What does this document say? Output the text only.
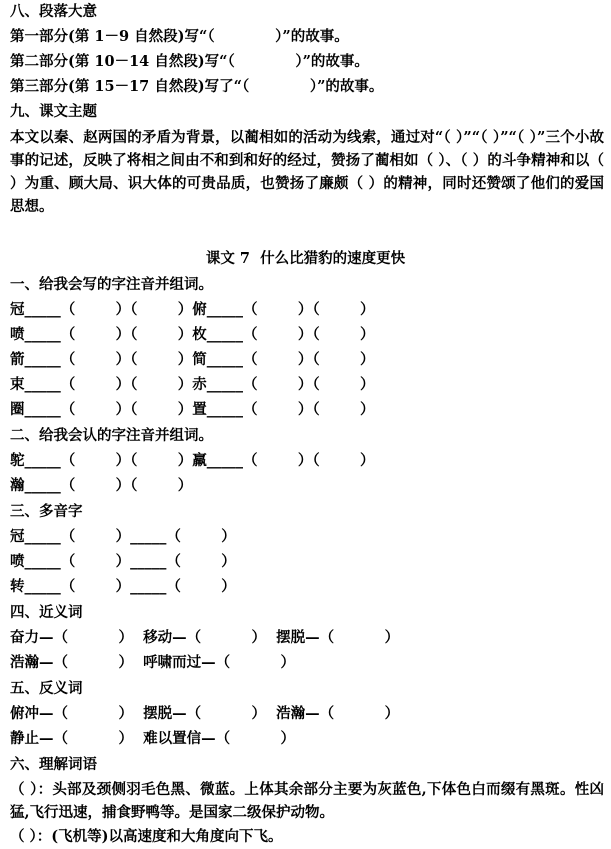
八、段落大意
第一部分(第 1－9 自然段)写“（            ）”的故事。
第二部分(第 10－14 自然段)写“（            ）”的故事。
第三部分(第 15－17 自然段)写了“（            ）”的故事。
九、课文主题
本文以秦、赵两国的矛盾为背景，以蔺相如的活动为线索，通过对“（ ）”“（ ）”“（ ）”三个小故事的记述，反映了将相之间由不和到和好的经过，赞扬了蔺相如（ ）、（ ）的斗争精神和以（ ）为重、顾大局、识大体的可贵品质，也赞扬了廉颇（ ）的精神，同时还赞颂了他们的爱国思想。
课文 7  什么比猎豹的速度更快
一、给我会写的字注音并组词。
冠_____（        ）（        ）俯_____（        ）（        ）
喷_____（        ）（        ）枚_____（        ）（        ）
箭_____（        ）（        ）简_____（        ）（        ）
束_____（        ）（        ）赤_____（        ）（        ）
圈_____（        ）（        ）置_____（        ）（        ）
二、给我会认的字注音并组词。
鸵_____（        ）（        ）羸_____（        ）（        ）
瀚_____（        ）（        ）
三、多音字
冠_____（        ）_____（        ）
喷_____（        ）_____（        ）
转_____（        ）_____（        ）
四、近义词
奋力—（          ）  移动—（          ）  摆脱—（          ）
浩瀚—（          ）  呼啸而过—（          ）
五、反义词
俯冲—（          ）  摆脱—（          ）  浩瀚—（          ）
静止—（          ）  难以置信—（          ）
六、理解词语
（ ）：头部及颈侧羽毛色黑、微蓝。上体其余部分主要为灰蓝色,下体色白而缀有黑斑。性凶猛,飞行迅速，捕食野鸭等。是国家二级保护动物。
（ ）：(飞机等)以高速度和大角度向下飞。
